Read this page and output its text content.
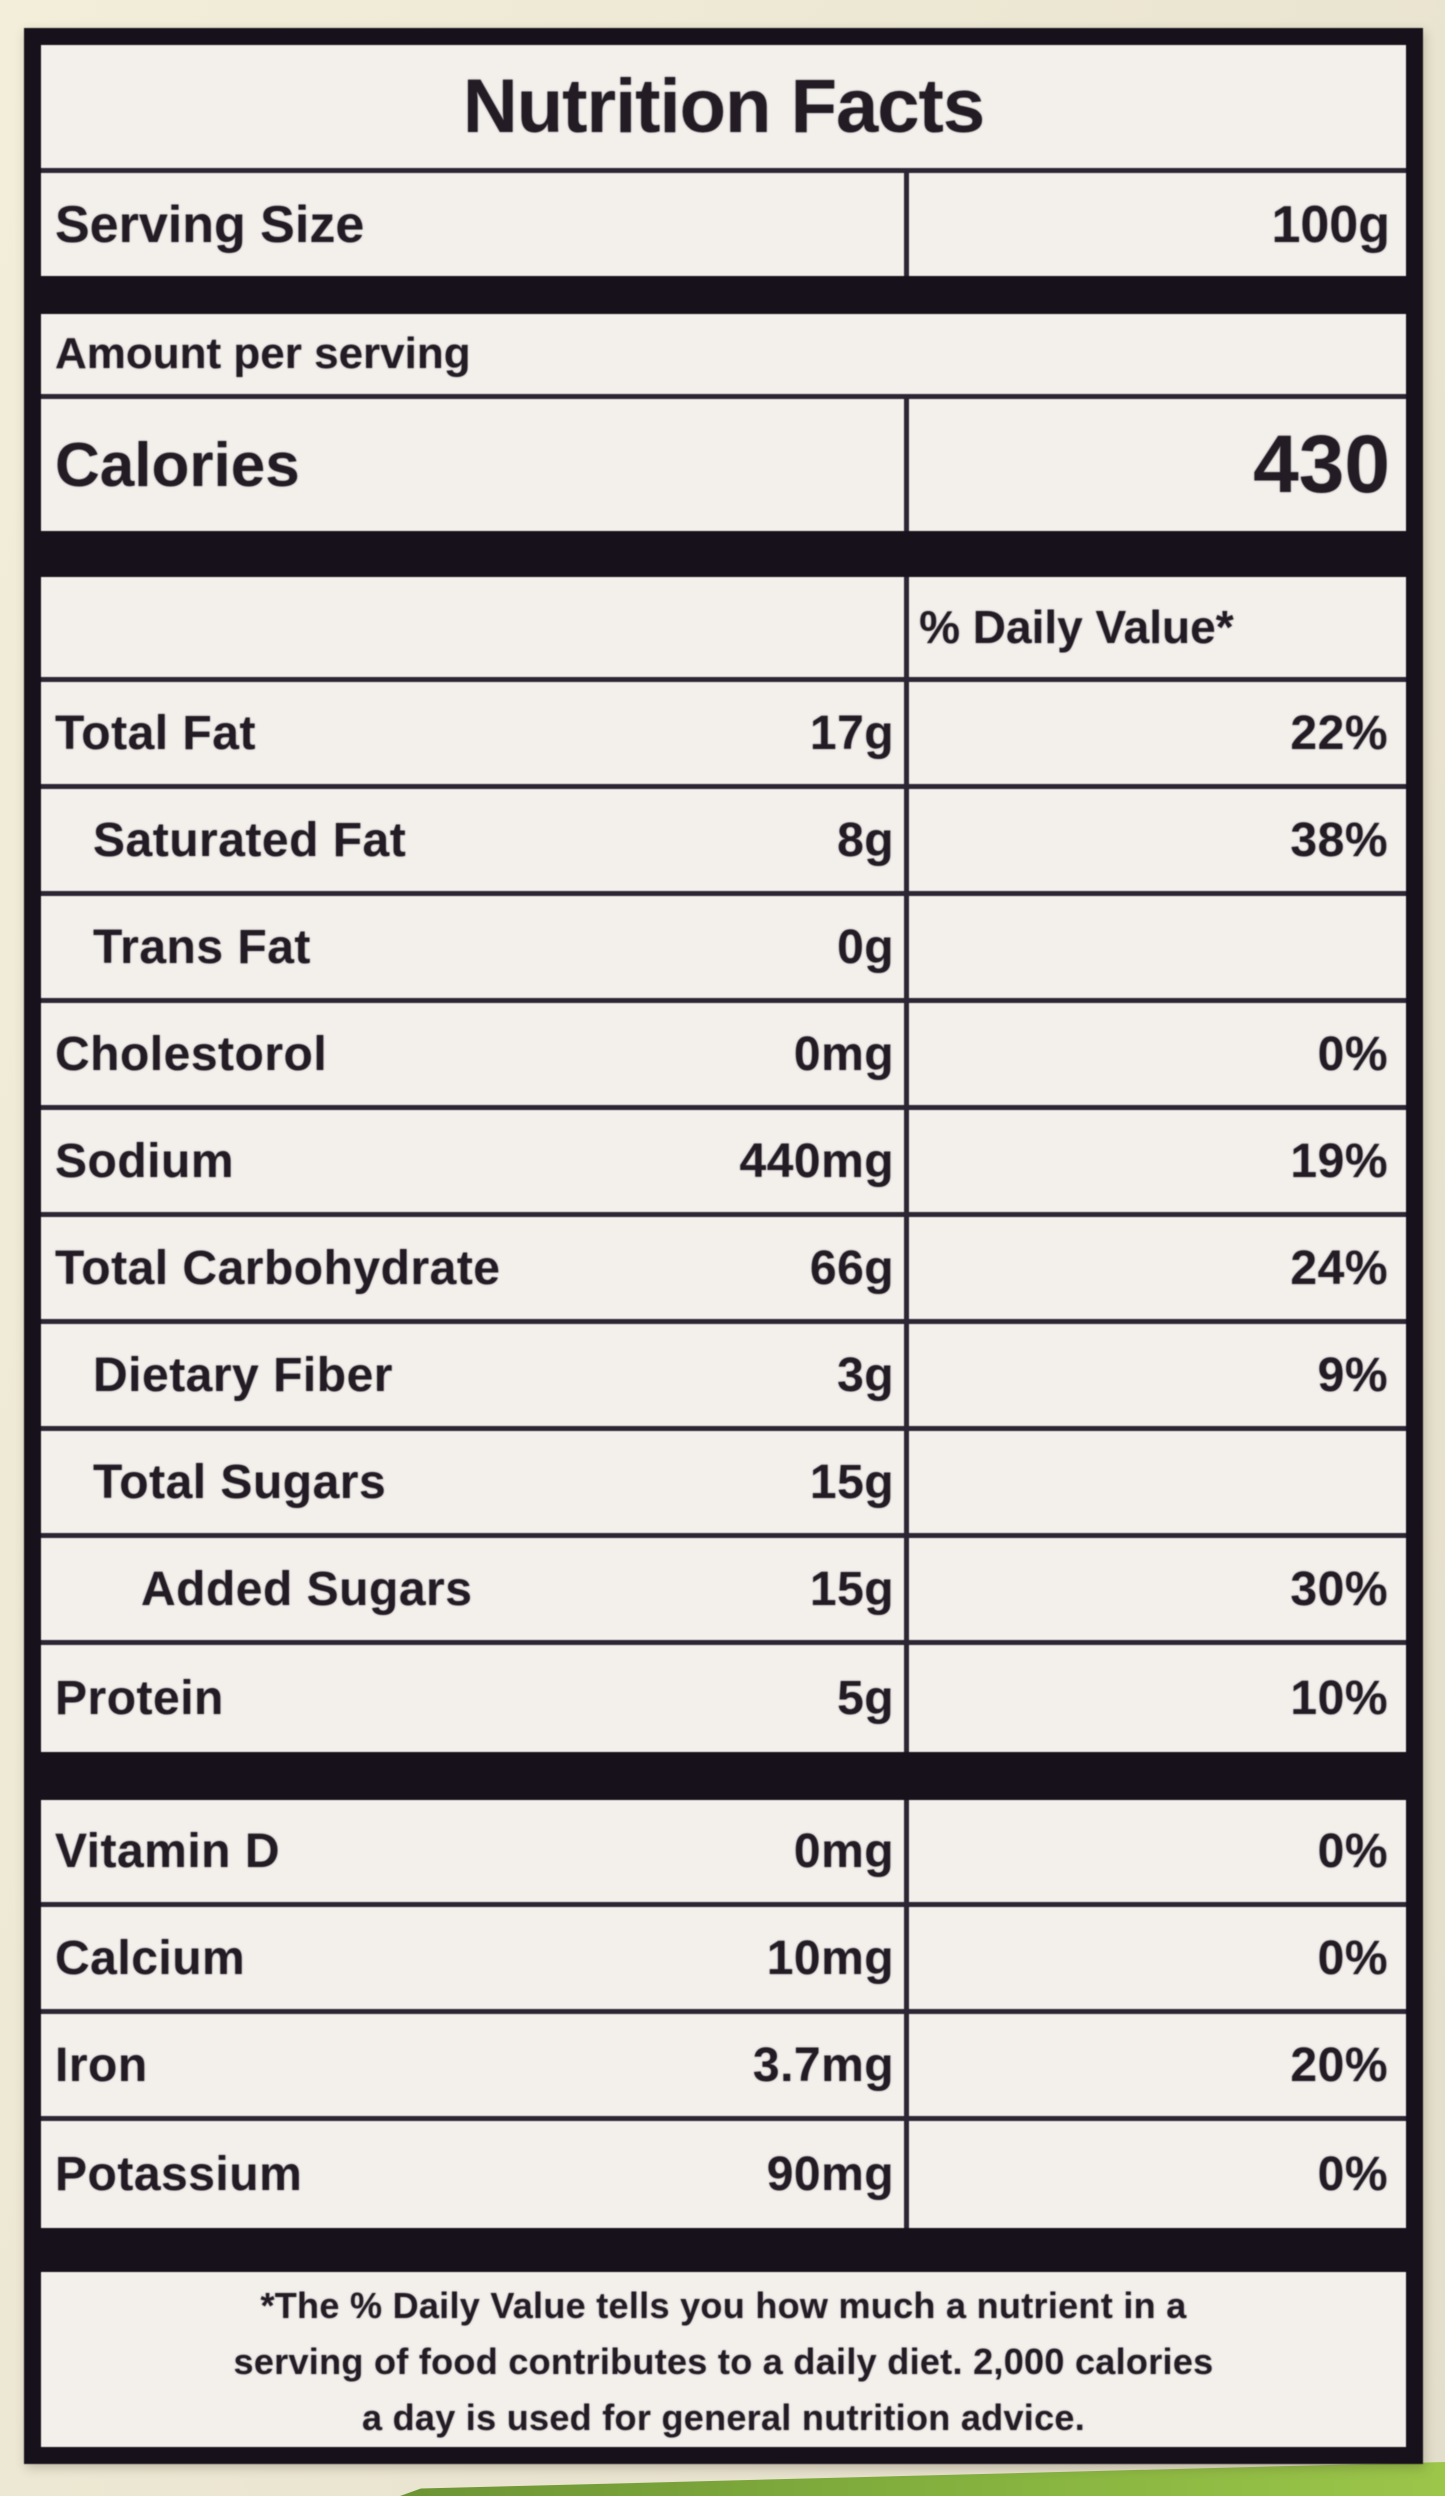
Nutrition Facts
Serving Size	100g
Amount per serving
Calories	430
% Daily Value*
Total Fat	17g	22%
Saturated Fat	8g	38%
Trans Fat	0g
Cholestorol	0mg	0%
Sodium	440mg	19%
Total Carbohydrate	66g	24%
Dietary Fiber	3g	9%
Total Sugars	15g
Added Sugars	15g	30%
Protein	5g	10%
Vitamin D	0mg	0%
Calcium	10mg	0%
Iron	3.7mg	20%
Potassium	90mg	0%
*The % Daily Value tells you how much a nutrient in a
serving of food contributes to a daily diet. 2,000 calories
a day is used for general nutrition advice.
